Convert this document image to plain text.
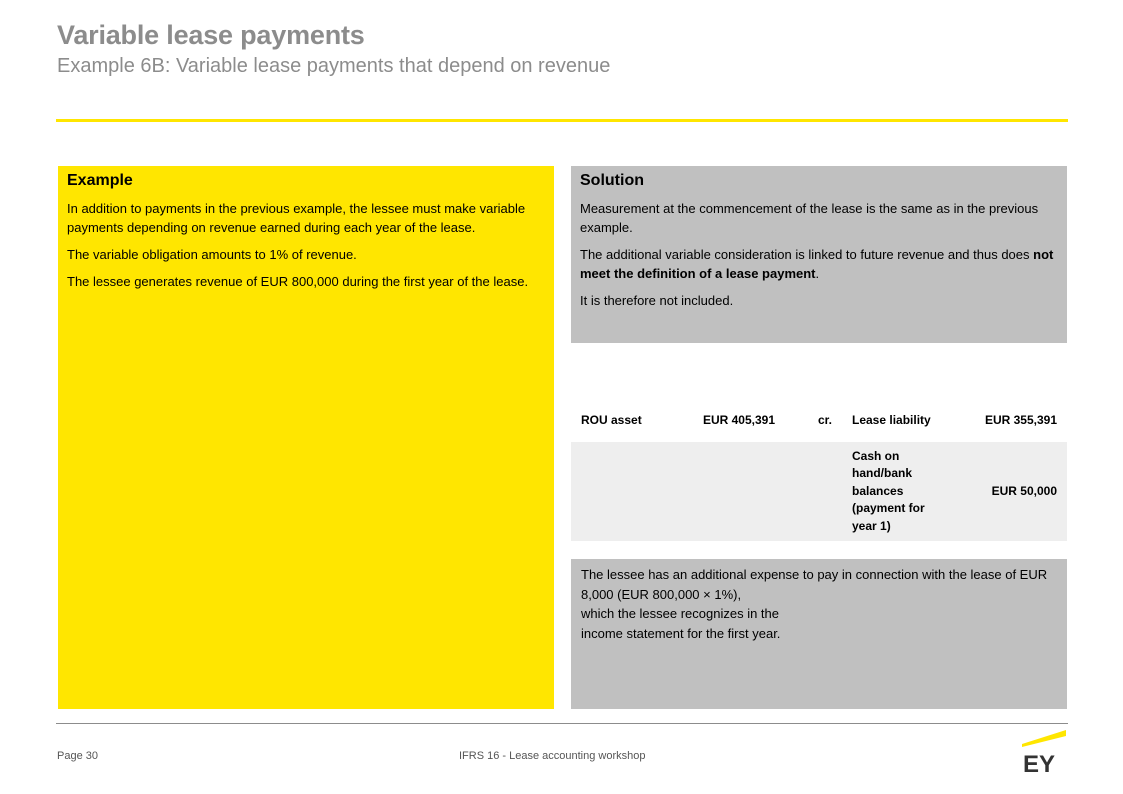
Variable lease payments
Example 6B: Variable lease payments that depend on revenue
Example

In addition to payments in the previous example, the lessee must make variable payments depending on revenue earned during each year of the lease.

The variable obligation amounts to 1% of revenue.

The lessee generates revenue of EUR 800,000 during the first year of the lease.

Solution

Measurement at the commencement of the lease is the same as in the previous example.

The additional variable consideration is linked to future revenue and thus does not meet the definition of a lease payment.

It is therefore not included.

ROU asset	EUR 405,391	cr.	Lease liability	EUR 355,391
			Cash on hand/bank balances (payment for year 1)	EUR 50,000

The lessee has an additional expense to pay in connection with the lease of EUR 8,000 (EUR 800,000 × 1%),

which the lessee recognizes in the

income statement for the first year.

Page 30	IFRS 16 - Lease accounting workshop	EY
